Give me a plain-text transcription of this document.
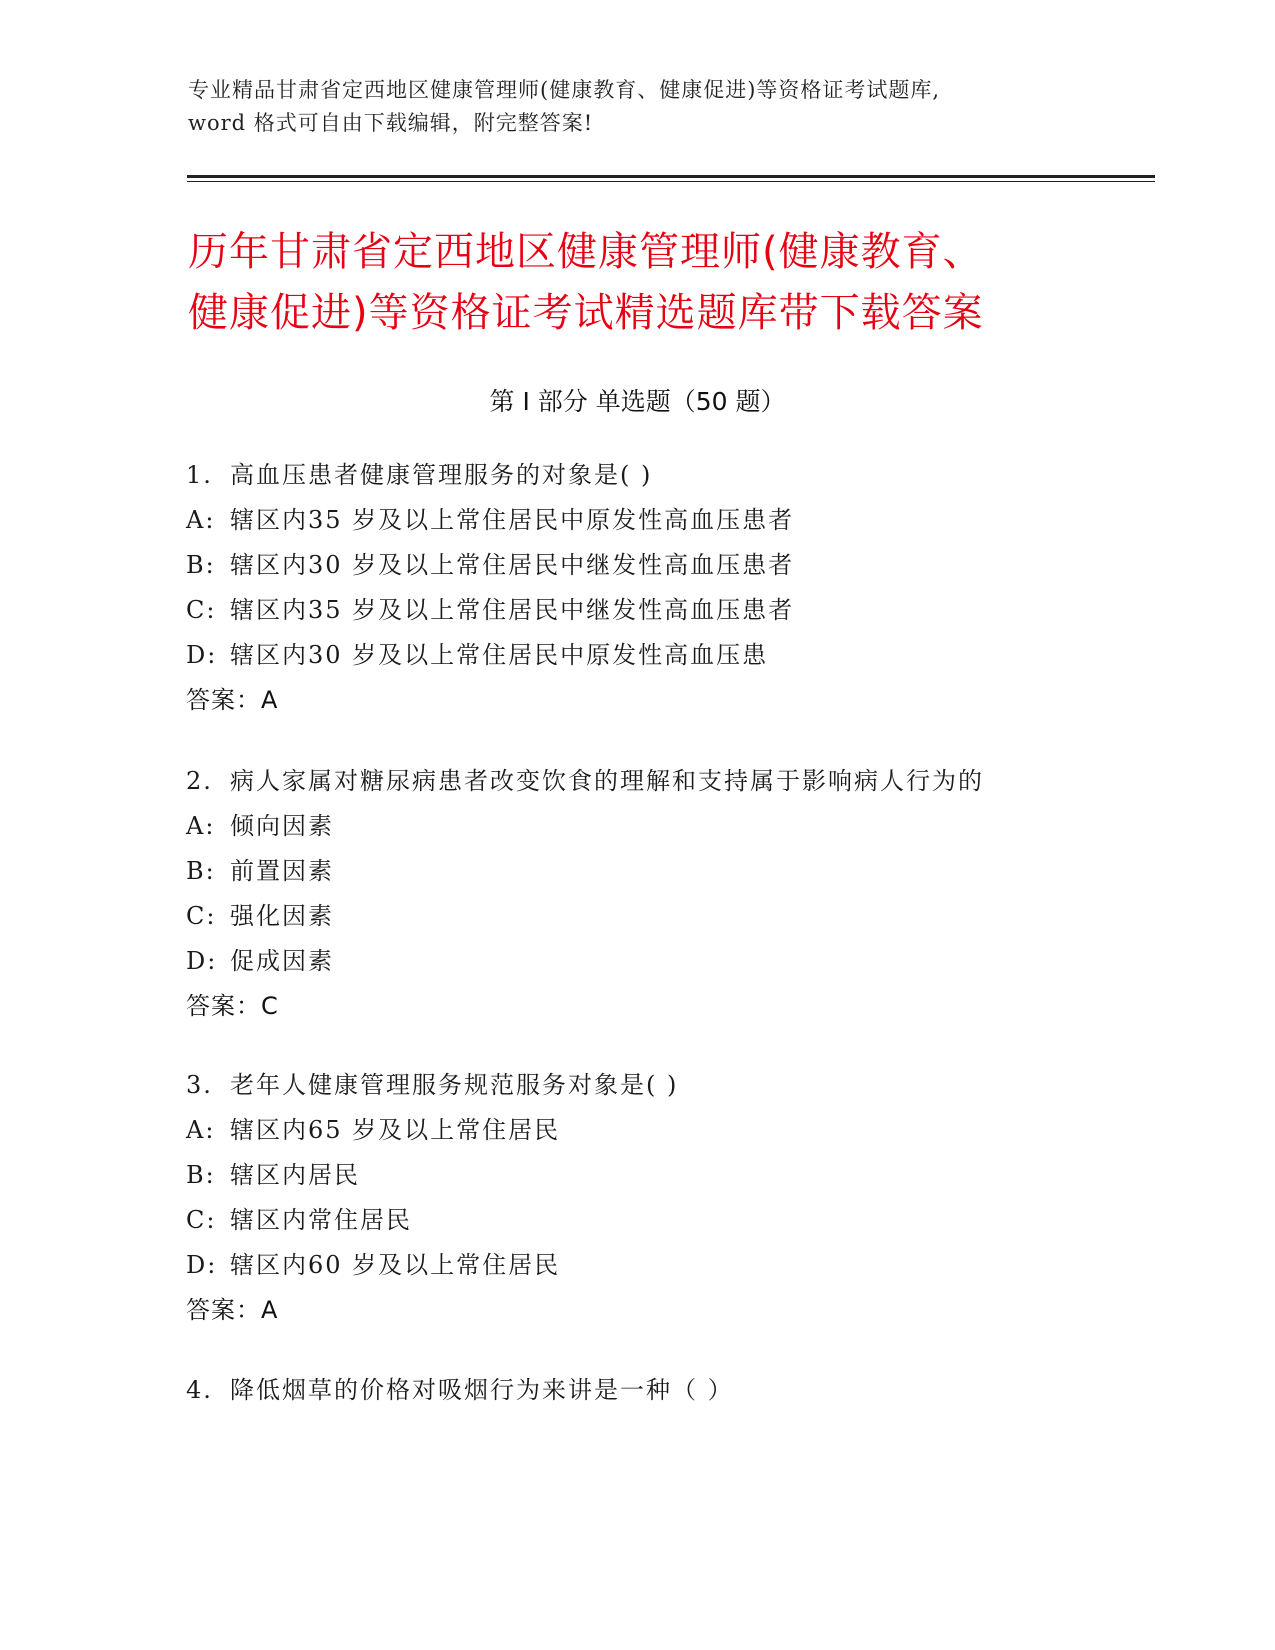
专业精品甘肃省定西地区健康管理师(健康教育、健康促进)等资格证考试题库,
word 格式可自由下载编辑，附完整答案!
历年甘肃省定西地区健康管理师(健康教育、
健康促进)等资格证考试精选题库带下载答案
第 I 部分 单选题（50 题）
1. 高血压患者健康管理服务的对象是( )
A: 辖区内35 岁及以上常住居民中原发性高血压患者
B: 辖区内30 岁及以上常住居民中继发性高血压患者
C: 辖区内35 岁及以上常住居民中继发性高血压患者
D: 辖区内30 岁及以上常住居民中原发性高血压患
答案：A
2. 病人家属对糖尿病患者改变饮食的理解和支持属于影响病人行为的
A: 倾向因素
B: 前置因素
C: 强化因素
D: 促成因素
答案：C
3. 老年人健康管理服务规范服务对象是( )
A: 辖区内65 岁及以上常住居民
B: 辖区内居民
C: 辖区内常住居民
D: 辖区内60 岁及以上常住居民
答案：A
4. 降低烟草的价格对吸烟行为来讲是一种（ ）
